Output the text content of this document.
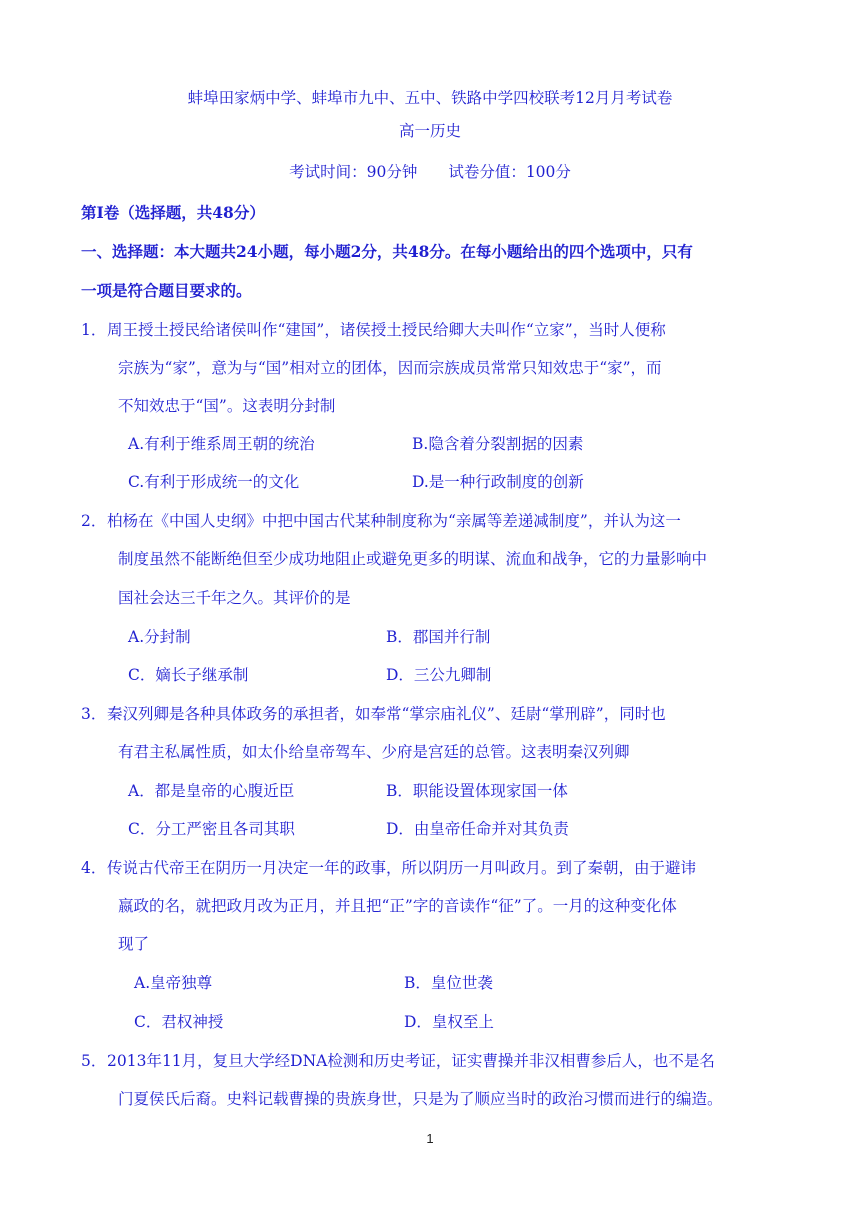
蚌埠田家炳中学、蚌埠市九中、五中、铁路中学四校联考12月月考试卷
高一历史
考试时间：90分钟　　试卷分值：100分
第Ⅰ卷（选择题，共48分）
一、选择题：本大题共24小题，每小题2分，共48分。在每小题给出的四个选项中，只有
一项是符合题目要求的。
1．周王授土授民给诸侯叫作“建国”，诸侯授土授民给卿大夫叫作“立家”，当时人便称
宗族为“家”，意为与“国”相对立的团体，因而宗族成员常常只知效忠于“家”，而
不知效忠于“国”。这表明分封制
A.有利于维系周王朝的统治	B.隐含着分裂割据的因素
C.有利于形成统一的文化	D.是一种行政制度的创新
2．柏杨在《中国人史纲》中把中国古代某种制度称为“亲属等差递减制度”，并认为这一
制度虽然不能断绝但至少成功地阻止或避免更多的明谋、流血和战争，它的力量影响中
国社会达三千年之久。其评价的是
A.分封制	B．郡国并行制
C．嫡长子继承制	D．三公九卿制
3．秦汉列卿是各种具体政务的承担者，如奉常“掌宗庙礼仪”、廷尉“掌刑辟”，同时也
有君主私属性质，如太仆给皇帝驾车、少府是宫廷的总管。这表明秦汉列卿
A．都是皇帝的心腹近臣	B．职能设置体现家国一体
C．分工严密且各司其职	D．由皇帝任命并对其负责
4．传说古代帝王在阴历一月决定一年的政事，所以阴历一月叫政月。到了秦朝，由于避讳
嬴政的名，就把政月改为正月，并且把“正”字的音读作“征”了。一月的这种变化体
现了
A.皇帝独尊	B．皇位世袭
C．君权神授	D．皇权至上
5．2013年11月，复旦大学经DNA检测和历史考证，证实曹操并非汉相曹参后人，也不是名
门夏侯氏后裔。史料记载曹操的贵族身世，只是为了顺应当时的政治习惯而进行的编造。
1
